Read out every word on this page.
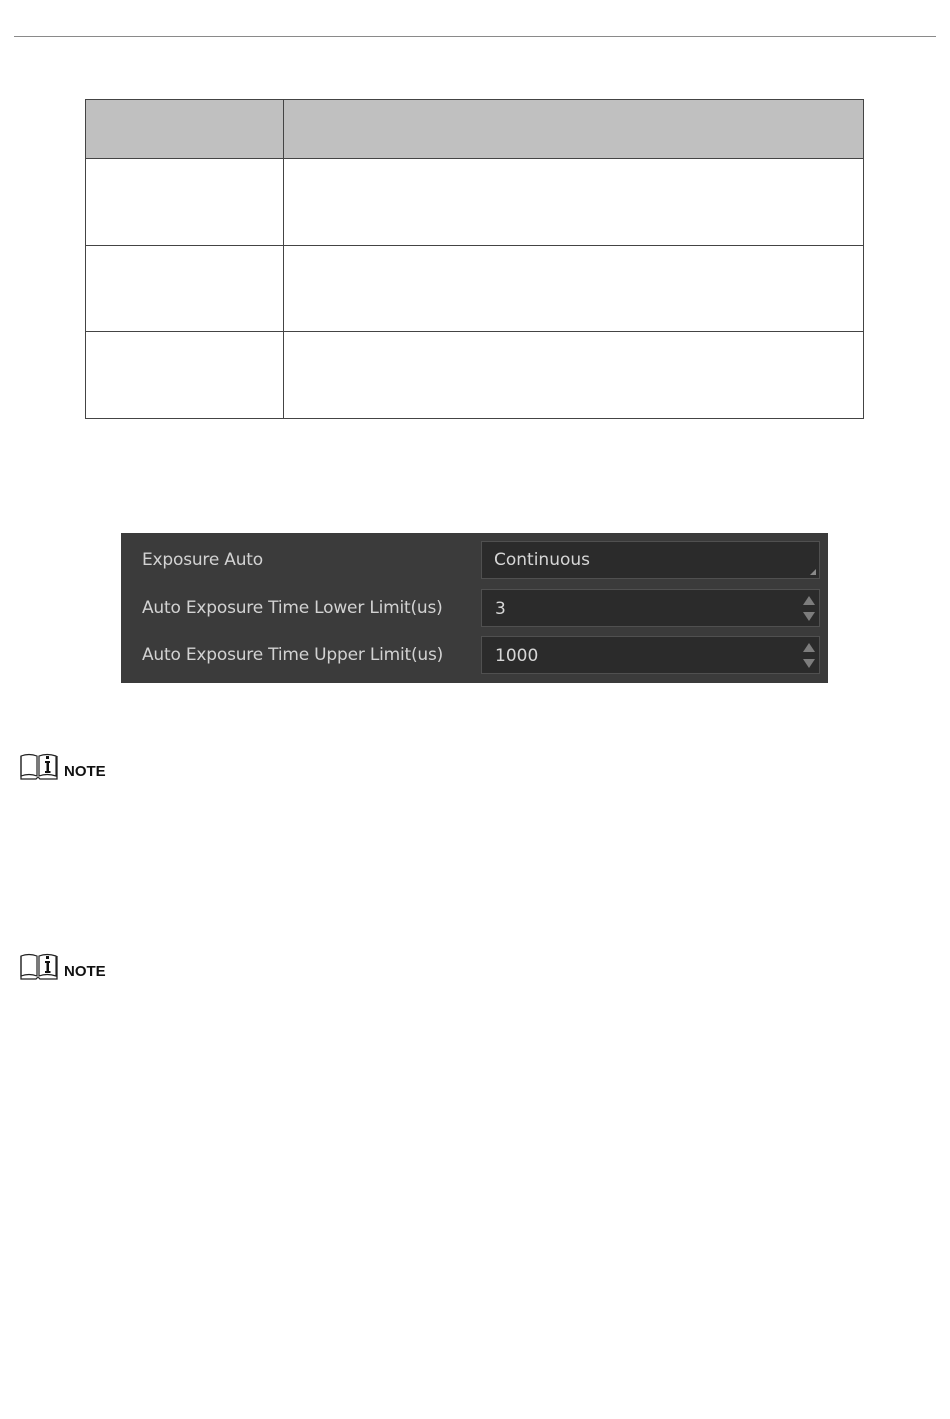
Exposure Auto	Continuous
Auto Exposure Time Lower Limit(us)	3
Auto Exposure Time Upper Limit(us)	1000
NOTE
NOTE
